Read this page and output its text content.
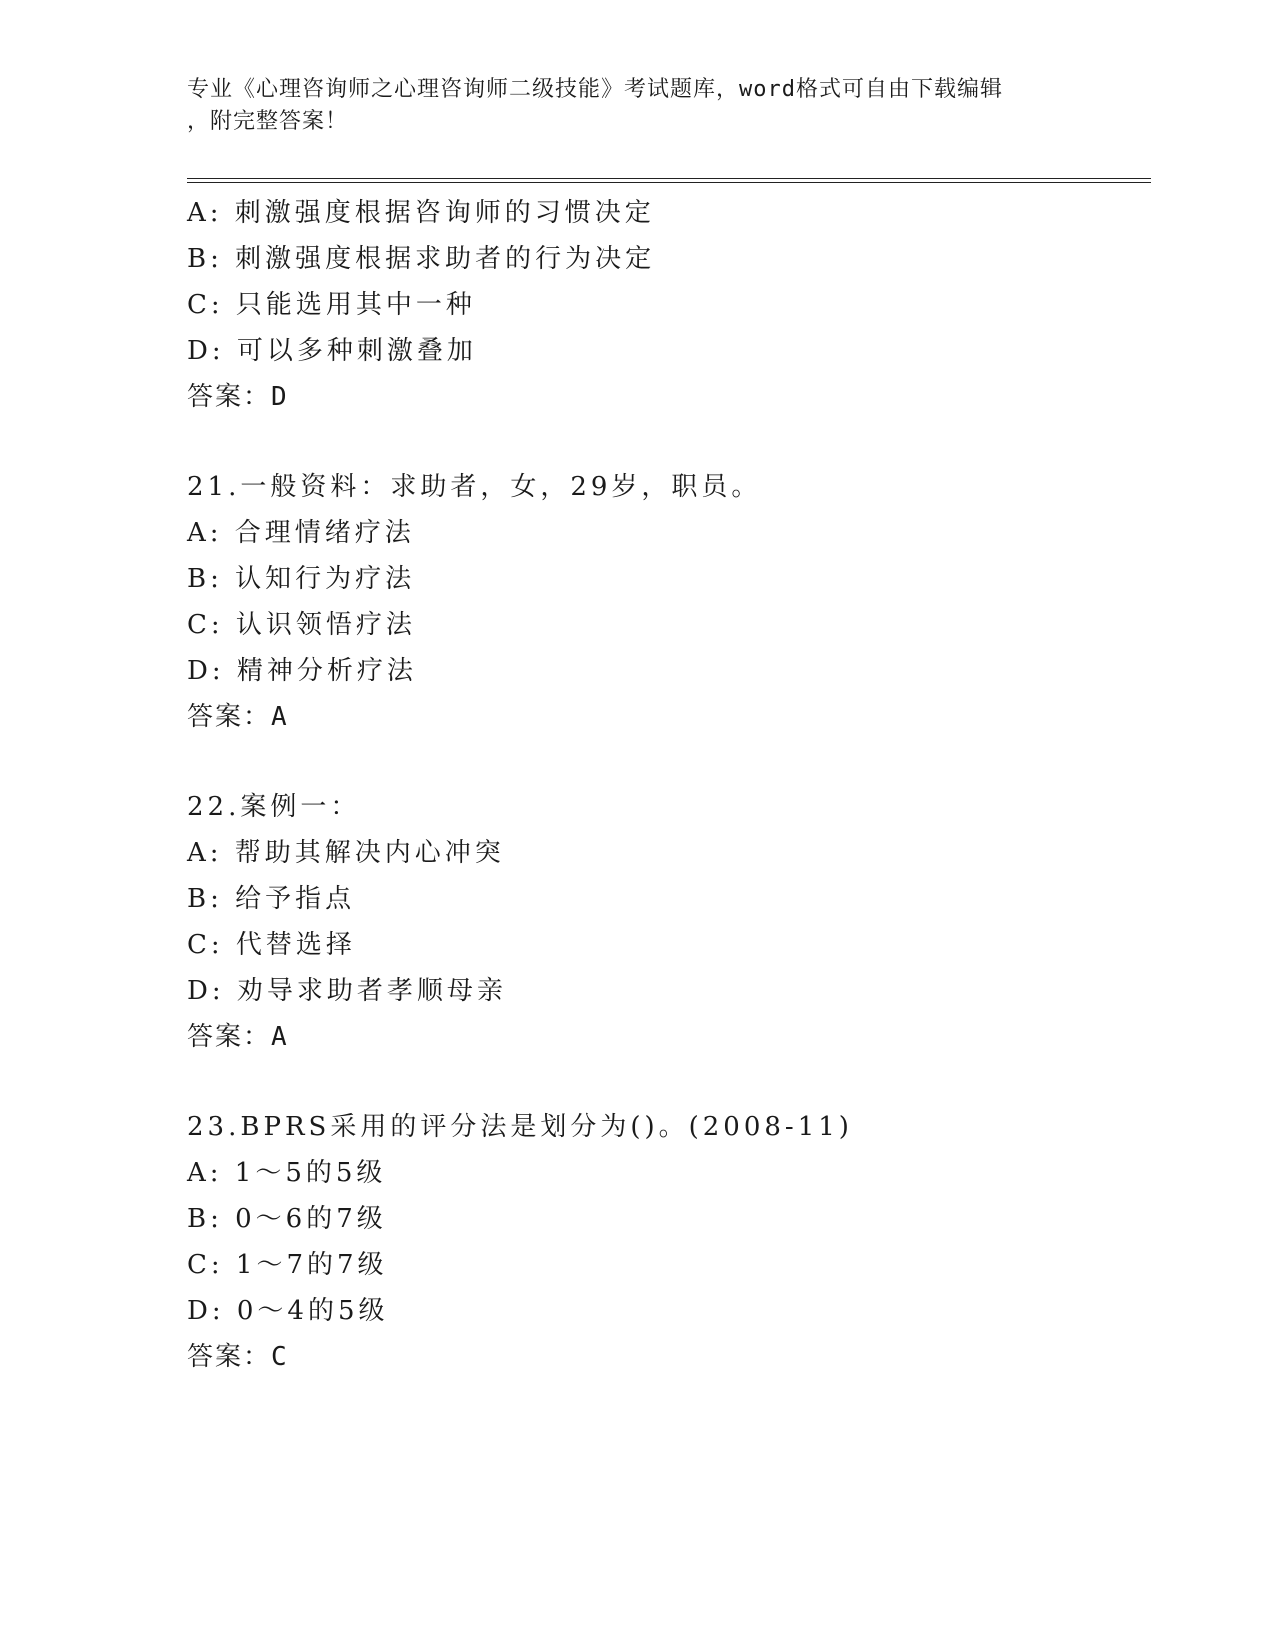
专业《心理咨询师之心理咨询师二级技能》考试题库，word格式可自由下载编辑
，附完整答案！
A: 刺激强度根据咨询师的习惯决定
B: 刺激强度根据求助者的行为决定
C: 只能选用其中一种
D: 可以多种刺激叠加
答案：D
21.一般资料：求助者，女，29岁，职员。
A: 合理情绪疗法
B: 认知行为疗法
C: 认识领悟疗法
D: 精神分析疗法
答案：A
22.案例一：
A: 帮助其解决内心冲突
B: 给予指点
C: 代替选择
D: 劝导求助者孝顺母亲
答案：A
23.BPRS采用的评分法是划分为()。(2008-11)
A: 1～5的5级
B: 0～6的7级
C: 1～7的7级
D: 0～4的5级
答案：C
